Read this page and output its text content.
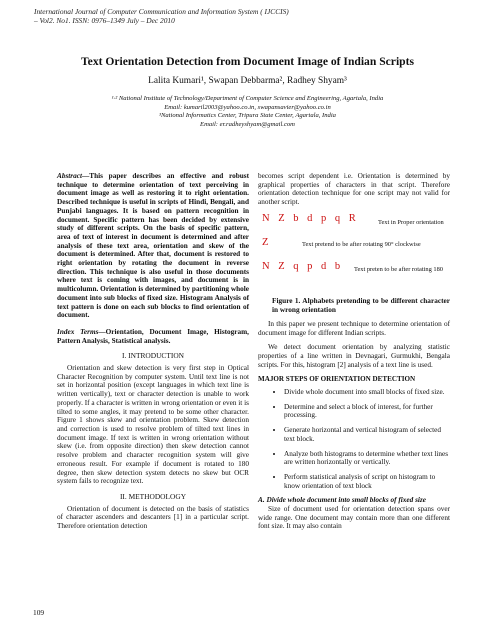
International Journal of Computer Communication and Information System ( IJCCIS)
– Vol2. No1. ISSN: 0976–1349 July – Dec 2010
Text Orientation Detection from Document Image of Indian Scripts
Lalita Kumari¹, Swapan Debbarma², Radhey Shyam³
¹·² National Institute of Technology/Department of Computer Science and Engineering, Agartala, India
Email: kumaril2003@yahoo.co.in, swapansavier@yahoo.co.in
³National Informatics Center, Tripura State Center, Agartala, India
Email: er.radheyshyam@gmail.com
Abstract—This paper describes an effective and robust technique to determine orientation of text perceiving in document image as well as restoring it to right orientation. Described technique is useful in scripts of Hindi, Bengali, and Punjabi languages. It is based on pattern recognition in document. Specific pattern has been decided by extensive study of different scripts. On the basis of specific pattern, area of text of interest in document is determined and after analysis of these text area, orientation and skew of the document is determined. After that, document is restored to right orientation by rotating the document in reverse direction. This technique is also useful in those documents where text is coming with images, and document is in multicolumn. Orientation is determined by partitioning whole document into sub blocks of fixed size. Histogram Analysis of text pattern is done on each sub blocks to find orientation of document.
Index Terms—Orientation, Document Image, Histogram, Pattern Analysis, Statistical analysis.
I. INTRODUCTION

Orientation and skew detection is very first step in Optical Character Recognition by computer system. Until text line is not set in horizontal position (except languages in which text line is written vertically), text or character detection is unable to work properly. If a character is written in wrong orientation or even it is tilted to some angles, it may pretend to be some other character. Figure 1 shows skew and orientation problem. Skew detection and correction is used to resolve problem of tilted text lines in document image. If text is written in wrong orientation without skew (i.e. from opposite direction) then skew detection cannot resolve problem and character recognition system will give erroneous result. For example if document is rotated to 180 degree, then skew detection system detects no skew but OCR system fails to recognize text.

II. METHODOLOGY

Orientation of document is detected on the basis of statistics of character ascenders and descanters [1] in a particular script. Therefore orientation detection

becomes script dependent i.e. Orientation is determined by graphical properties of characters in that script. Therefore orientation detection technique for one script may not valid for another script.

N Z b d p q R	Text in Proper orientation
Z	Text pretend to be after rotating 90° clockwise
N Z q p d b Text preten to be after rotating 180
Figure 1. Alphabets pretending to be different character in wrong orientation

In this paper we present technique to determine orientation of document image for different Indian scripts.

We detect document orientation by analyzing statistic properties of a line written in Devnagari, Gurmukhi, Bengala scripts. For this, histogram [2] analysis of a text line is used.

MAJOR STEPS OF ORIENTATION DETECTION
• Divide whole document into small blocks of fixed size.
• Determine and select a block of interest, for further processing.
• Generate horizontal and vertical histogram of selected text block.
• Analyze both histograms to determine whether text lines are written horizontally or vertically.
• Perform statistical analysis of script on histogram to know orientation of text block
A. Divide whole document into small blocks of fixed size

Size of document used for orientation detection spans over wide range. One document may contain more than one different font size. It may also contain

109
